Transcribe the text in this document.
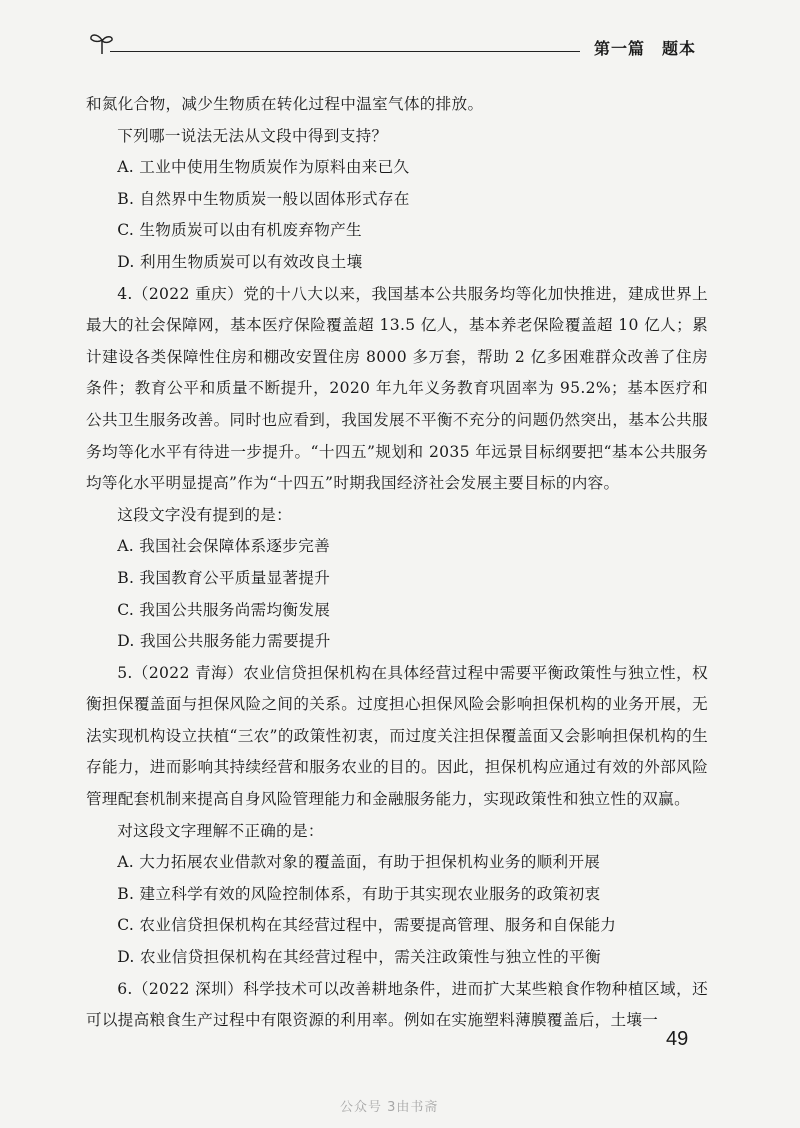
第一篇　题本

和氮化合物，减少生物质在转化过程中温室气体的排放。

下列哪一说法无法从文段中得到支持？

A. 工业中使用生物质炭作为原料由来已久

B. 自然界中生物质炭一般以固体形式存在

C. 生物质炭可以由有机废弃物产生

D. 利用生物质炭可以有效改良土壤

4.（2022 重庆）党的十八大以来，我国基本公共服务均等化加快推进，建成世界上最大的社会保障网，基本医疗保险覆盖超 13.5 亿人，基本养老保险覆盖超 10 亿人；累计建设各类保障性住房和棚改安置住房 8000 多万套，帮助 2 亿多困难群众改善了住房条件；教育公平和质量不断提升，2020 年九年义务教育巩固率为 95.2%；基本医疗和公共卫生服务改善。同时也应看到，我国发展不平衡不充分的问题仍然突出，基本公共服务均等化水平有待进一步提升。“十四五”规划和 2035 年远景目标纲要把“基本公共服务均等化水平明显提高”作为“十四五”时期我国经济社会发展主要目标的内容。

这段文字没有提到的是：

A. 我国社会保障体系逐步完善

B. 我国教育公平质量显著提升

C. 我国公共服务尚需均衡发展

D. 我国公共服务能力需要提升

5.（2022 青海）农业信贷担保机构在具体经营过程中需要平衡政策性与独立性，权衡担保覆盖面与担保风险之间的关系。过度担心担保风险会影响担保机构的业务开展，无法实现机构设立扶植“三农”的政策性初衷，而过度关注担保覆盖面又会影响担保机构的生存能力，进而影响其持续经营和服务农业的目的。因此，担保机构应通过有效的外部风险管理配套机制来提高自身风险管理能力和金融服务能力，实现政策性和独立性的双赢。

对这段文字理解不正确的是：

A. 大力拓展农业借款对象的覆盖面，有助于担保机构业务的顺利开展

B. 建立科学有效的风险控制体系，有助于其实现农业服务的政策初衷

C. 农业信贷担保机构在其经营过程中，需要提高管理、服务和自保能力

D. 农业信贷担保机构在其经营过程中，需关注政策性与独立性的平衡

6.（2022 深圳）科学技术可以改善耕地条件，进而扩大某些粮食作物种植区域，还可以提高粮食生产过程中有限资源的利用率。例如在实施塑料薄膜覆盖后，土壤一

49
公众号 3由书斋
